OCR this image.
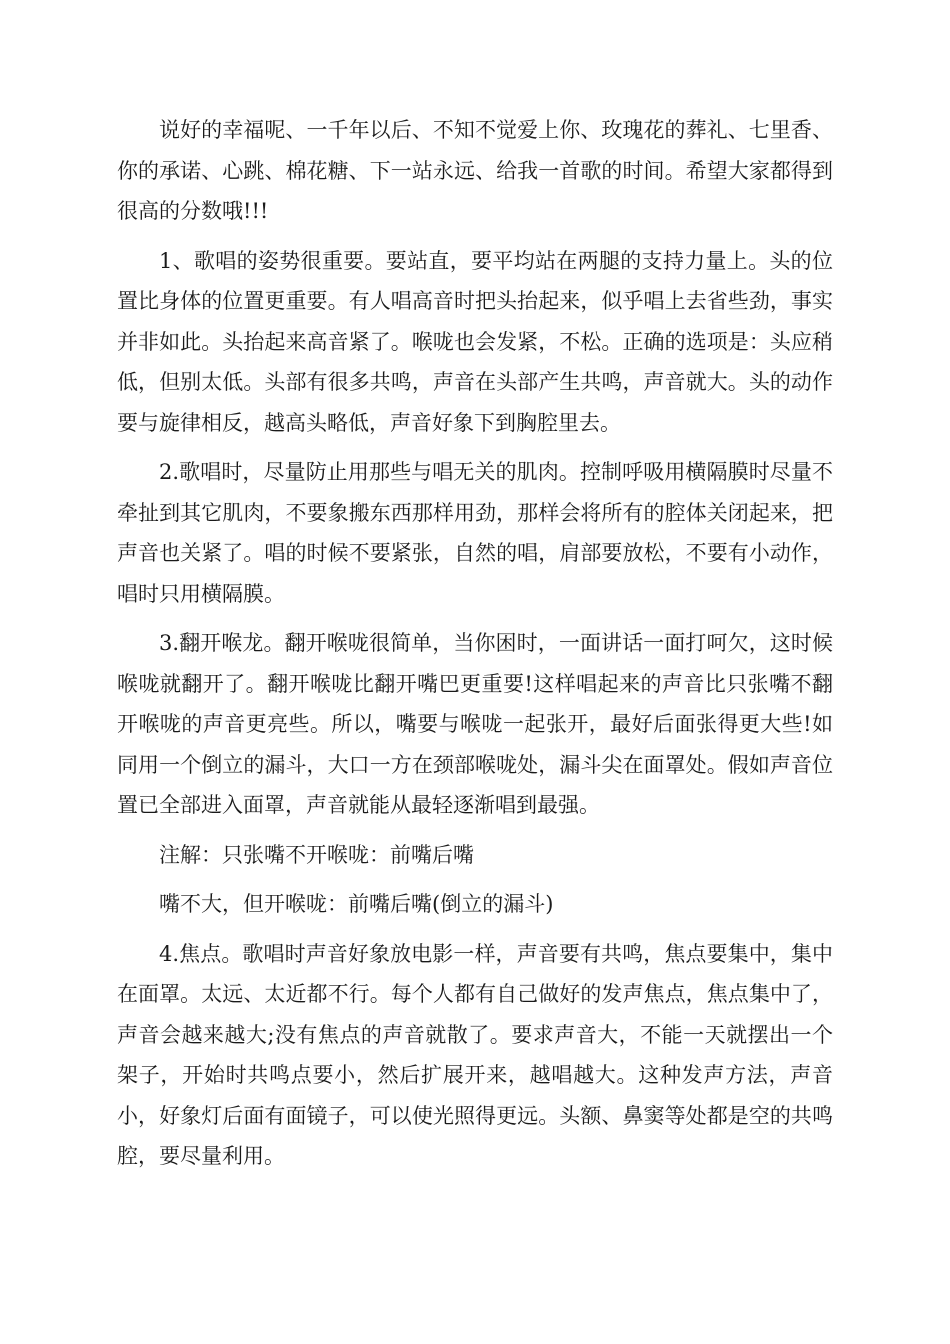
说好的幸福呢、一千年以后、不知不觉爱上你、玫瑰花的葬礼、七里香、你的承诺、心跳、棉花糖、下一站永远、给我一首歌的时间。希望大家都得到很高的分数哦!!!

1、歌唱的姿势很重要。要站直，要平均站在两腿的支持力量上。头的位置比身体的位置更重要。有人唱高音时把头抬起来，似乎唱上去省些劲，事实并非如此。头抬起来高音紧了。喉咙也会发紧，不松。正确的选项是：头应稍低，但别太低。头部有很多共鸣，声音在头部产生共鸣，声音就大。头的动作要与旋律相反，越高头略低，声音好象下到胸腔里去。

2.歌唱时，尽量防止用那些与唱无关的肌肉。控制呼吸用横隔膜时尽量不牵扯到其它肌肉，不要象搬东西那样用劲，那样会将所有的腔体关闭起来，把声音也关紧了。唱的时候不要紧张，自然的唱，肩部要放松，不要有小动作，唱时只用横隔膜。

3.翻开喉龙。翻开喉咙很简单，当你困时，一面讲话一面打呵欠，这时候喉咙就翻开了。翻开喉咙比翻开嘴巴更重要!这样唱起来的声音比只张嘴不翻开喉咙的声音更亮些。所以，嘴要与喉咙一起张开，最好后面张得更大些!如同用一个倒立的漏斗，大口一方在颈部喉咙处，漏斗尖在面罩处。假如声音位置已全部进入面罩，声音就能从最轻逐渐唱到最强。

注解：只张嘴不开喉咙：前嘴后嘴

嘴不大，但开喉咙：前嘴后嘴(倒立的漏斗)

4.焦点。歌唱时声音好象放电影一样，声音要有共鸣，焦点要集中，集中在面罩。太远、太近都不行。每个人都有自己做好的发声焦点，焦点集中了，声音会越来越大;没有焦点的声音就散了。要求声音大，不能一天就摆出一个架子，开始时共鸣点要小，然后扩展开来，越唱越大。这种发声方法，声音小，好象灯后面有面镜子，可以使光照得更远。头额、鼻窦等处都是空的共鸣腔，要尽量利用。
